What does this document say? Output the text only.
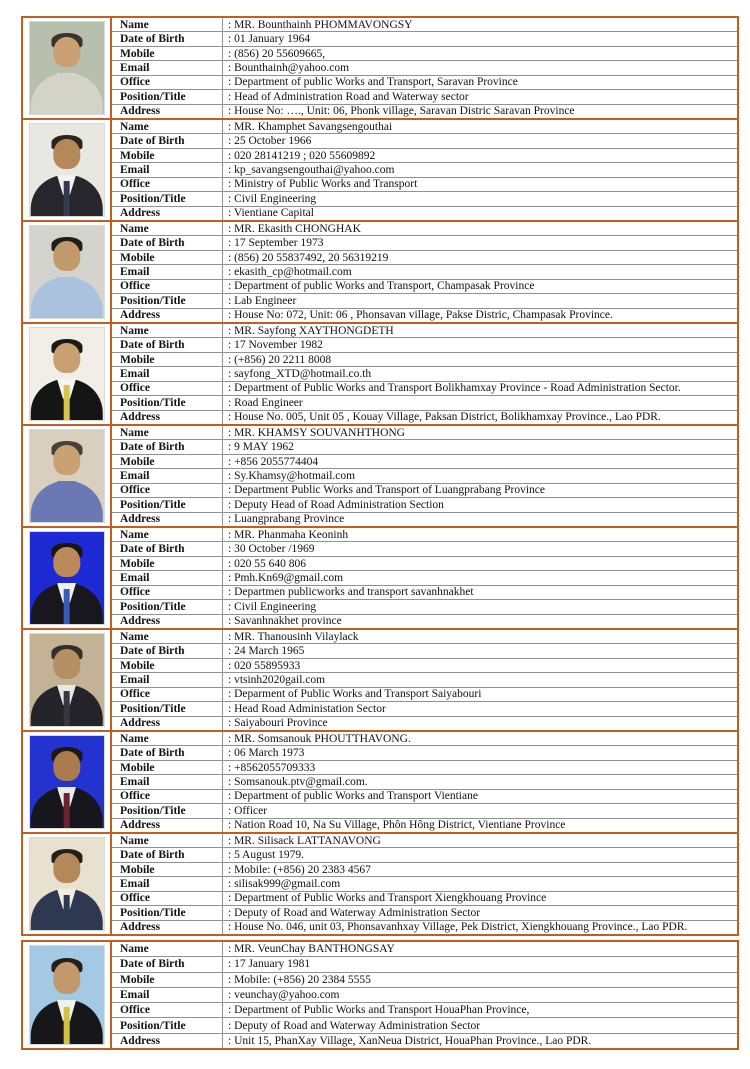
Name	: MR. Bounthainh PHOMMAVONGSY
Date of Birth	: 01 January 1964
Mobile	: (856) 20 55609665,
Email	: Bounthainh@yahoo.com
Office	: Department of public Works and Transport, Saravan Province
Position/Title	: Head of Administration Road and Waterway sector
Address	: House No: …., Unit: 06, Phonk village, Saravan Distric Saravan Province
Name	: MR. Khamphet Savangsengouthai
Date of Birth	: 25 October 1966
Mobile	: 020 28141219 ; 020 55609892
Email	: kp_savangsengouthai@yahoo.com
Office	: Ministry of Public Works and Transport
Position/Title	: Civil Engineering
Address	: Vientiane Capital
Name	: MR. Ekasith CHONGHAK
Date of Birth	: 17 September 1973
Mobile	: (856) 20 55837492, 20 56319219
Email	: ekasith_cp@hotmail.com
Office	: Department of public Works and Transport, Champasak Province
Position/Title	: Lab Engineer
Address	: House No: 072, Unit: 06 , Phonsavan village, Pakse Distric, Champasak Province.
Name	: MR. Sayfong XAYTHONGDETH
Date of Birth	: 17 November 1982
Mobile	: (+856) 20 2211 8008
Email	: sayfong_XTD@hotmail.co.th
Office	: Department of Public Works and Transport Bolikhamxay Province - Road Administration Sector.
Position/Title	: Road Engineer
Address	: House No. 005, Unit 05 , Kouay Village, Paksan District, Bolikhamxay Province., Lao PDR.
Name	: MR. KHAMSY SOUVANHTHONG
Date of Birth	: 9 MAY 1962
Mobile	: +856 2055774404
Email	: Sy.Khamsy@hotmail.com
Office	: Department Public Works and Transport of Luangprabang Province
Position/Title	: Deputy Head of Road Administration Section
Address	: Luangprabang Province
Name	: MR. Phanmaha Keoninh
Date of Birth	: 30 October /1969
Mobile	: 020 55 640 806
Email	: Pmh.Kn69@gmail.com
Office	: Departmen publicworks and transport savanhnakhet
Position/Title	: Civil Engineering
Address	: Savanhnakhet province
Name	: MR. Thanousinh Vilaylack
Date of Birth	: 24 March 1965
Mobile	: 020 55895933
Email	: vtsinh2020gail.com
Office	: Deparment of Public Works and Transport Saiyabouri
Position/Title	: Head Road Administation Sector
Address	: Saiyabouri Province
Name	: MR. Somsanouk PHOUTTHAVONG.
Date of Birth	: 06 March 1973
Mobile	: +8562055709333
Email	: Somsanouk.ptv@gmail.com.
Office	: Department of public Works and Transport Vientiane
Position/Title	: Officer
Address	: Nation Road 10, Na Su Village, Phôn Hông District, Vientiane Province
Name	: MR. Silisack LATTANAVONG
Date of Birth	: 5 August 1979.
Mobile	: Mobile: (+856) 20 2383 4567
Email	: silisak999@gmail.com
Office	: Department of Public Works and Transport Xiengkhouang Province
Position/Title	: Deputy of Road and Waterway Administration Sector
Address	: House No. 046, unit 03, Phonsavanhxay Village, Pek District, Xiengkhouang Province., Lao PDR.
Name	: MR. VeunChay BANTHONGSAY
Date of Birth	: 17 January 1981
Mobile	: Mobile: (+856) 20 2384 5555
Email	: veunchay@yahoo.com
Office	: Department of Public Works and Transport HouaPhan Province,
Position/Title	: Deputy of Road and Waterway Administration Sector
Address	: Unit 15, PhanXay Village, XanNeua District, HouaPhan Province., Lao PDR.
